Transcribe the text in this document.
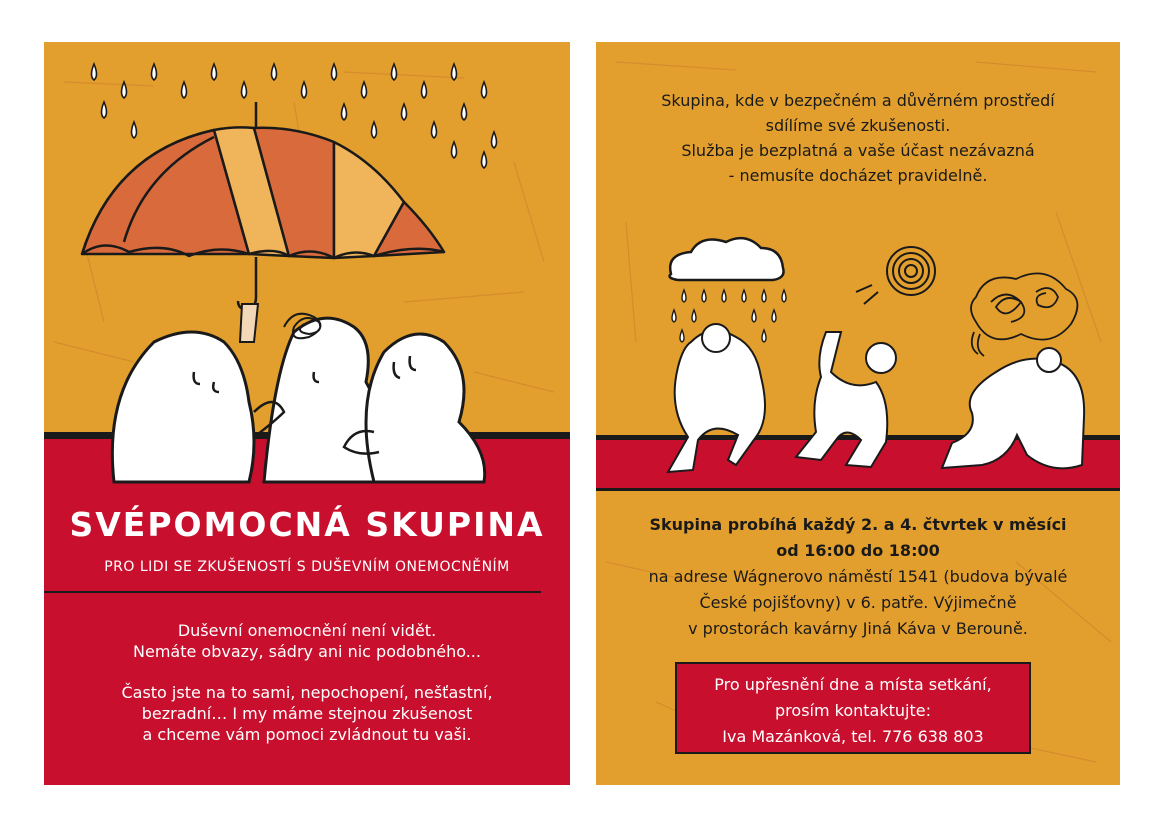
SVÉPOMOCNÁ SKUPINA
PRO LIDI SE ZKUŠENOSTÍ S DUŠEVNÍM ONEMOCNĚNÍM
Duševní onemocnění není vidět.
Nemáte obvazy, sádry ani nic podobného...
Často jste na to sami, nepochopení, nešťastní,
bezradní… I my máme stejnou zkušenost
a chceme vám pomoci zvládnout tu vaši.
Skupina, kde v bezpečném a důvěrném prostředí
sdílíme své zkušenosti.
Služba je bezplatná a vaše účast nezávazná
- nemusíte docházet pravidelně.
Skupina probíhá každý 2. a 4. čtvrtek v měsíci
od 16:00 do 18:00
na adrese Wágnerovo náměstí 1541 (budova bývalé
České pojišťovny) v 6. patře. Výjimečně
v prostorách kavárny Jiná Káva v Berouně.
Pro upřesnění dne a místa setkání,
prosím kontaktujte:
Iva Mazánková, tel. 776 638 803
